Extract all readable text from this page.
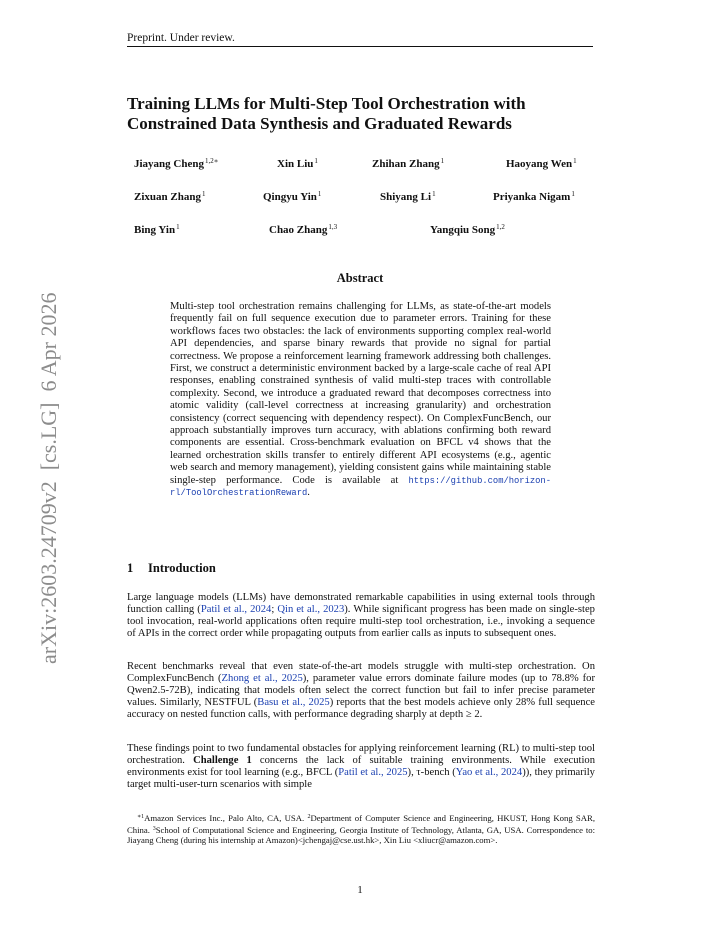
Preprint. Under review.
arXiv:2603.24709v2  [cs.LG]  6 Apr 2026
Training LLMs for Multi-Step Tool Orchestration with
Constrained Data Synthesis and Graduated Rewards
Jiayang Cheng$^{1,2∗}$	Xin Liu$^1$	Zhihan Zhang$^1$	Haoyang Wen$^1$
Zixuan Zhang$^1$	Qingyu Yin$^1$	Shiyang Li$^1$	Priyanka Nigam$^1$
Bing Yin$^1$	Chao Zhang$^{1,3}$	Yangqiu Song$^{1,2}$
Abstract

Multi-step tool orchestration remains challenging for LLMs, as state-of-the-art models frequently fail on full sequence execution due to parameter errors. Training for these workflows faces two obstacles: the lack of environments supporting complex real-world API dependencies, and sparse binary rewards that provide no signal for partial correctness. We propose a reinforcement learning framework addressing both challenges. First, we construct a deterministic environment backed by a large-scale cache of real API responses, enabling constrained synthesis of valid multi-step traces with controllable complexity. Second, we introduce a graduated reward that decomposes correctness into atomic validity (call-level correctness at increasing granularity) and orchestration consistency (correct sequencing with dependency respect). On ComplexFuncBench, our approach substantially improves turn accuracy, with ablations confirming both reward components are essential. Cross-benchmark evaluation on BFCL v4 shows that the learned orchestration skills transfer to entirely different API ecosystems (e.g., agentic web search and memory management), yielding consistent gains while maintaining stable single-step performance. Code is available at https://github.com/horizon-rl/ToolOrchestrationReward.

1 Introduction

Large language models (LLMs) have demonstrated remarkable capabilities in using external tools through function calling (Patil et al., 2024; Qin et al., 2023). While significant progress has been made on single-step tool invocation, real-world applications often require multi-step tool orchestration, i.e., invoking a sequence of APIs in the correct order while propagating outputs from earlier calls as inputs to subsequent ones.

Recent benchmarks reveal that even state-of-the-art models struggle with multi-step orchestration. On ComplexFuncBench (Zhong et al., 2025), parameter value errors dominate failure modes (up to 78.8% for Qwen2.5-72B), indicating that models often select the correct function but fail to infer precise parameter values. Similarly, NESTFUL (Basu et al., 2025) reports that the best models achieve only 28% full sequence accuracy on nested function calls, with performance degrading sharply at depth ≥ 2.

These findings point to two fundamental obstacles for applying reinforcement learning (RL) to multi-step tool orchestration. Challenge 1 concerns the lack of suitable training environments. While execution environments exist for tool learning (e.g., BFCL (Patil et al., 2025), τ-bench (Yao et al., 2024)), they primarily target multi-user-turn scenarios with simple

$^{∗1}$Amazon Services Inc., Palo Alto, CA, USA. $^2$Department of Computer Science and Engineering, HKUST, Hong Kong SAR, China. $^3$School of Computational Science and Engineering, Georgia Institute of Technology, Atlanta, GA, USA. Correspondence to: Jiayang Cheng (during his internship at Amazon)<jchengaj@cse.ust.hk>, Xin Liu <xliucr@amazon.com>.

1
